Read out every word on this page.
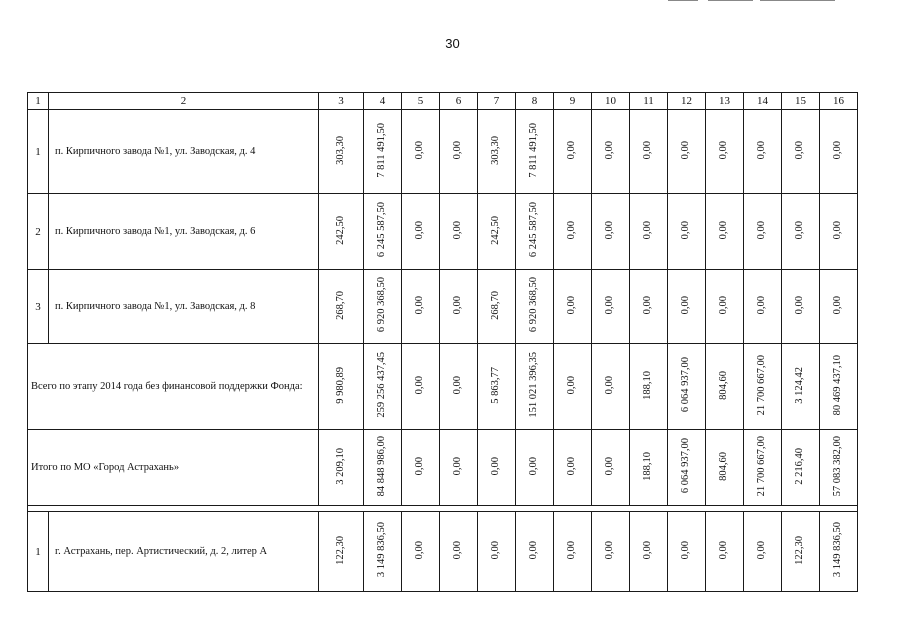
30
1	2	3	4	5	6	7	8	9	10	11	12	13	14	15	16
1	п. Кирпичного завода №1, ул. Заводская, д. 4	303,30	7 811 491,50	0,00	0,00	303,30	7 811 491,50	0,00	0,00	0,00	0,00	0,00	0,00	0,00	0,00
2	п. Кирпичного завода №1, ул. Заводская, д. 6	242,50	6 245 587,50	0,00	0,00	242,50	6 245 587,50	0,00	0,00	0,00	0,00	0,00	0,00	0,00	0,00
3	п. Кирпичного завода №1, ул. Заводская, д. 8	268,70	6 920 368,50	0,00	0,00	268,70	6 920 368,50	0,00	0,00	0,00	0,00	0,00	0,00	0,00	0,00
Всего по этапу 2014 года без финансовой поддержки Фонда:		9 980,89	259 256 437,45	0,00	0,00	5 863,77	151 021 396,35	0,00	0,00	188,10	6 064 937,00	804,60	21 700 667,00	3 124,42	80 469 437,10
Итого по МО «Город Астрахань»		3 209,10	84 848 986,00	0,00	0,00	0,00	0,00	0,00	0,00	188,10	6 064 937,00	804,60	21 700 667,00	2 216,40	57 083 382,00

1	г. Астрахань, пер. Артистический, д. 2, литер А	122,30	3 149 836,50	0,00	0,00	0,00	0,00	0,00	0,00	0,00	0,00	0,00	0,00	122,30	3 149 836,50
